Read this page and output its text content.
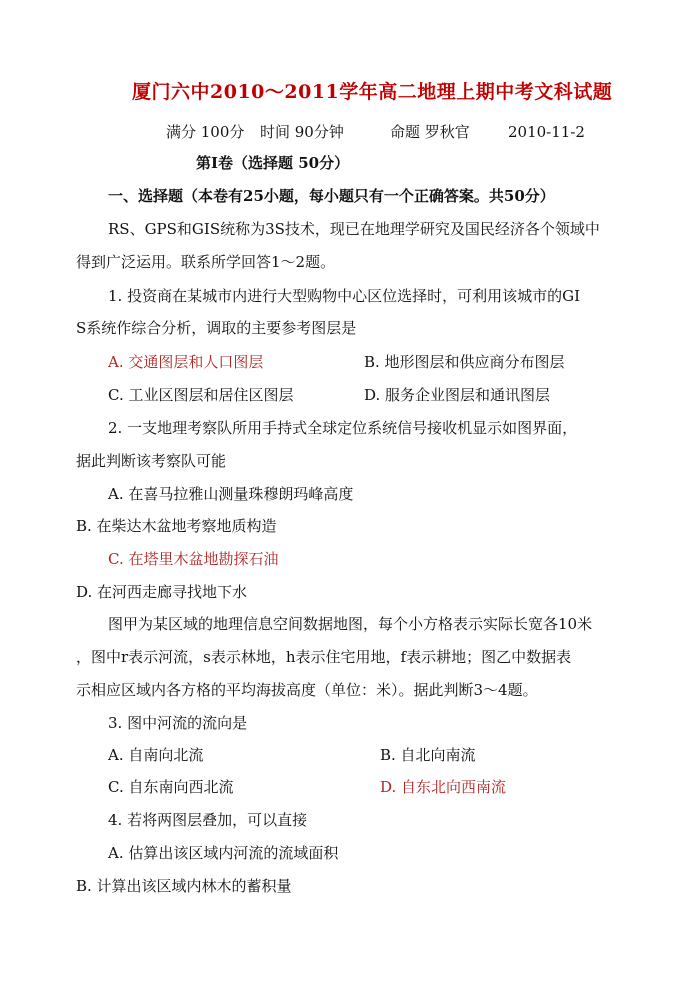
厦门六中2010～2011学年高二地理上期中考文科试题
满分 100分 时间 90分钟	命题 罗秋官	2010-11-2
第Ⅰ卷（选择题 50分）
一、选择题（本卷有25小题，每小题只有一个正确答案。共50分）
RS、GPS和GIS统称为3S技术，现已在地理学研究及国民经济各个领域中
得到广泛运用。联系所学回答1～2题。
1. 投资商在某城市内进行大型购物中心区位选择时，可利用该城市的GI
S系统作综合分析，调取的主要参考图层是
A. 交通图层和人口图层	B. 地形图层和供应商分布图层
C. 工业区图层和居住区图层	D. 服务企业图层和通讯图层
2. 一支地理考察队所用手持式全球定位系统信号接收机显示如图界面，
据此判断该考察队可能
A. 在喜马拉雅山测量珠穆朗玛峰高度
B. 在柴达木盆地考察地质构造
C. 在塔里木盆地勘探石油
D. 在河西走廊寻找地下水
图甲为某区域的地理信息空间数据地图，每个小方格表示实际长宽各10米
，图中r表示河流，s表示林地，h表示住宅用地，f表示耕地；图乙中数据表
示相应区域内各方格的平均海拔高度（单位：米）。据此判断3～4题。
3. 图中河流的流向是
A. 自南向北流	B. 自北向南流
C. 自东南向西北流	D. 自东北向西南流
4. 若将两图层叠加，可以直接
A. 估算出该区域内河流的流域面积
B. 计算出该区域内林木的蓄积量
